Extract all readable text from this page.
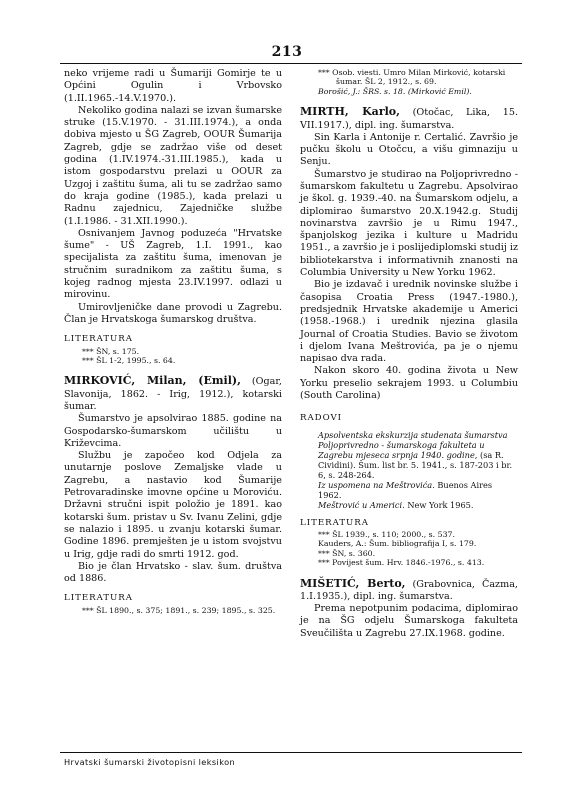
213

neko vrijeme radi u Šumariji Gomirje te u Općini Ogulin i Vrbovsko (1.II.1965.-14.V.1970.).

Nekoliko godina nalazi se izvan šumarske struke (15.V.1970. - 31.III.1974.), a onda dobiva mjesto u ŠG Zagreb, OOUR Šumarija Zagreb, gdje se zadržao više od deset godina (1.IV.1974.-31.III.1985.), kada u istom gospodarstvu prelazi u OOUR za Uzgoj i zaštitu šuma, ali tu se zadržao samo do kraja godine (1985.), kada prelazi u Radnu zajednicu, Zajedničke službe (1.I.1986. - 31.XII.1990.).

Osnivanjem Javnog poduzeća "Hrvatske šume" - UŠ Zagreb, 1.I. 1991., kao specijalista za zaštitu šuma, imenovan je stručnim suradnikom za zaštitu šuma, s kojeg radnog mjesta 23.IV.1997. odlazi u mirovinu.

Umirovljeničke dane provodi u Zagrebu. Član je Hrvatskoga šumarskog društva.

LITERATURA

*** ŠN, s. 175.

*** ŠL 1-2, 1995., s. 64.

MIRKOVIĆ, Milan, (Emil), (Ogar, Slavonija, 1862. - Irig, 1912.), kotarski šumar.

Šumarstvo je apsolvirao 1885. godine na Gospodarsko-šumarskom učilištu u Križevcima.

Službu je započeo kod Odjela za unutarnje poslove Zemaljske vlade u Zagrebu, a nastavio kod Šumarije Petrovaradinske imovne općine u Moroviću. Državni stručni ispit položio je 1891. kao kotarski šum. pristav u Sv. Ivanu Zelini, gdje se nalazio i 1895. u zvanju kotarski šumar. Godine 1896. premješten je u istom svojstvu u Irig, gdje radi do smrti 1912. god.

Bio je član Hrvatsko - slav. šum. društva od 1886.

LITERATURA

*** ŠL 1890., s. 375; 1891., s. 239; 1895., s. 325.

*** Osob. viesti. Umro Milan Mirković, kotarski šumar. ŠL 2, 1912., s. 69.

Borošić, J.: ŠRS. s. 18. (Mirković Emil).

MIRTH, Karlo, (Otočac, Lika, 15. VII.1917.), dipl. ing. šumarstva.

Sin Karla i Antonije r. Certalić. Završio je pučku školu u Otočcu, a višu gimnaziju u Senju.

Šumarstvo je studirao na Poljoprivredno - šumarskom fakultetu u Zagrebu. Apsolvirao je škol. g. 1939.-40. na Šumarskom odjelu, a diplomirao šumarstvo 20.X.1942.g. Studij novinarstva završio je u Rimu 1947., španjolskog jezika i kulture u Madridu 1951., a završio je i poslijediplomski studij iz bibliotekarstva i informativnih znanosti na Columbia University u New Yorku 1962.

Bio je izdavač i urednik novinske službe i časopisa Croatia Press (1947.-1980.), predsjednik Hrvatske akademije u Americi (1958.-1968.) i urednik njezina glasila Journal of Croatia Studies. Bavio se životom i djelom Ivana Meštrovića, pa je o njemu napisao dva rada.

Nakon skoro 40. godina života u New Yorku preselio sekrajem 1993. u Columbiu (South Carolina)

RADOVI

Apsolventska ekskurzija studenata šumarstva Poljoprivredno - šumarskoga fakulteta u Zagrebu mjeseca srpnja 1940. godine, (sa R. Cividini). Šum. list br. 5. 1941., s. 187-203 i br. 6, s. 248-264.

Iz uspomena na Meštrovića. Buenos Aires 1962.

Meštrović u Americi. New York 1965.

LITERATURA

*** ŠL 1939., s. 110; 2000., s. 537.

Kauders, A.: Šum. bibliografija I, s. 179.

*** ŠN, s. 360.

*** Povijest šum. Hrv. 1846.-1976., s. 413.

MIŠETIĆ, Berto, (Grabovnica, Čazma, 1.I.1935.), dipl. ing. šumarstva.

Prema nepotpunim podacima, diplomirao je na ŠG odjelu Šumarskoga fakulteta Sveučilišta u Zagrebu 27.IX.1968. godine.

Hrvatski šumarski životopisni leksikon
